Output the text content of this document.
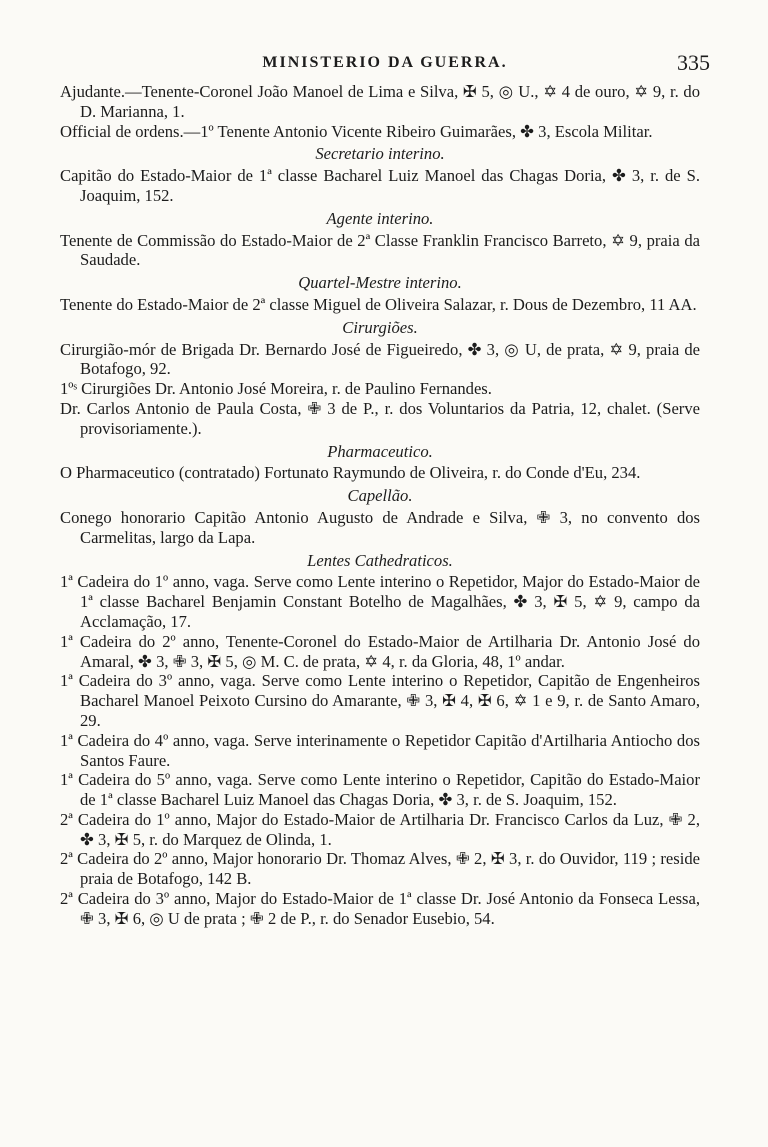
MINISTERIO DA GUERRA.	335

Ajudante.—Tenente-Coronel João Manoel de Lima e Silva, ✠ 5, ◎ U., ✡ 4 de ouro, ✡ 9, r. do D. Marianna, 1.

Official de ordens.—1º Tenente Antonio Vicente Ribeiro Guimarães, ✤ 3, Escola Militar.

Secretario interino.

Capitão do Estado-Maior de 1ª classe Bacharel Luiz Manoel das Chagas Doria, ✤ 3, r. de S. Joaquim, 152.

Agente interino.

Tenente de Commissão do Estado-Maior de 2ª Classe Franklin Francisco Barreto, ✡ 9, praia da Saudade.

Quartel-Mestre interino.

Tenente do Estado-Maior de 2ª classe Miguel de Oliveira Salazar, r. Dous de Dezembro, 11 AA.

Cirurgiões.

Cirurgião-mór de Brigada Dr. Bernardo José de Figueiredo, ✤ 3, ◎ U, de prata, ✡ 9, praia de Botafogo, 92.

1ºˢ Cirurgiões Dr. Antonio José Moreira, r. de Paulino Fernandes.

Dr. Carlos Antonio de Paula Costa, ✙ 3 de P., r. dos Voluntarios da Patria, 12, chalet. (Serve provisoriamente.).

Pharmaceutico.

O Pharmaceutico (contratado) Fortunato Raymundo de Oliveira, r. do Conde d'Eu, 234.

Capellão.

Conego honorario Capitão Antonio Augusto de Andrade e Silva, ✙ 3, no convento dos Carmelitas, largo da Lapa.

Lentes Cathedraticos.

1ª Cadeira do 1º anno, vaga. Serve como Lente interino o Repetidor, Major do Estado-Maior de 1ª classe Bacharel Benjamin Constant Botelho de Magalhães, ✤ 3, ✠ 5, ✡ 9, campo da Acclamação, 17.

1ª Cadeira do 2º anno, Tenente-Coronel do Estado-Maior de Artilharia Dr. Antonio José do Amaral, ✤ 3, ✙ 3, ✠ 5, ◎ M. C. de prata, ✡ 4, r. da Gloria, 48, 1º andar.

1ª Cadeira do 3º anno, vaga. Serve como Lente interino o Repetidor, Capitão de Engenheiros Bacharel Manoel Peixoto Cursino do Amarante, ✙ 3, ✠ 4, ✠ 6, ✡ 1 e 9, r. de Santo Amaro, 29.

1ª Cadeira do 4º anno, vaga. Serve interinamente o Repetidor Capitão d'Artilharia Antiocho dos Santos Faure.

1ª Cadeira do 5º anno, vaga. Serve como Lente interino o Repetidor, Capitão do Estado-Maior de 1ª classe Bacharel Luiz Manoel das Chagas Doria, ✤ 3, r. de S. Joaquim, 152.

2ª Cadeira do 1º anno, Major do Estado-Maior de Artilharia Dr. Francisco Carlos da Luz, ✙ 2, ✤ 3, ✠ 5, r. do Marquez de Olinda, 1.

2ª Cadeira do 2º anno, Major honorario Dr. Thomaz Alves, ✙ 2, ✠ 3, r. do Ouvidor, 119 ; reside praia de Botafogo, 142 B.

2ª Cadeira do 3º anno, Major do Estado-Maior de 1ª classe Dr. José Antonio da Fonseca Lessa, ✙ 3, ✠ 6, ◎ U de prata ; ✙ 2 de P., r. do Senador Eusebio, 54.
